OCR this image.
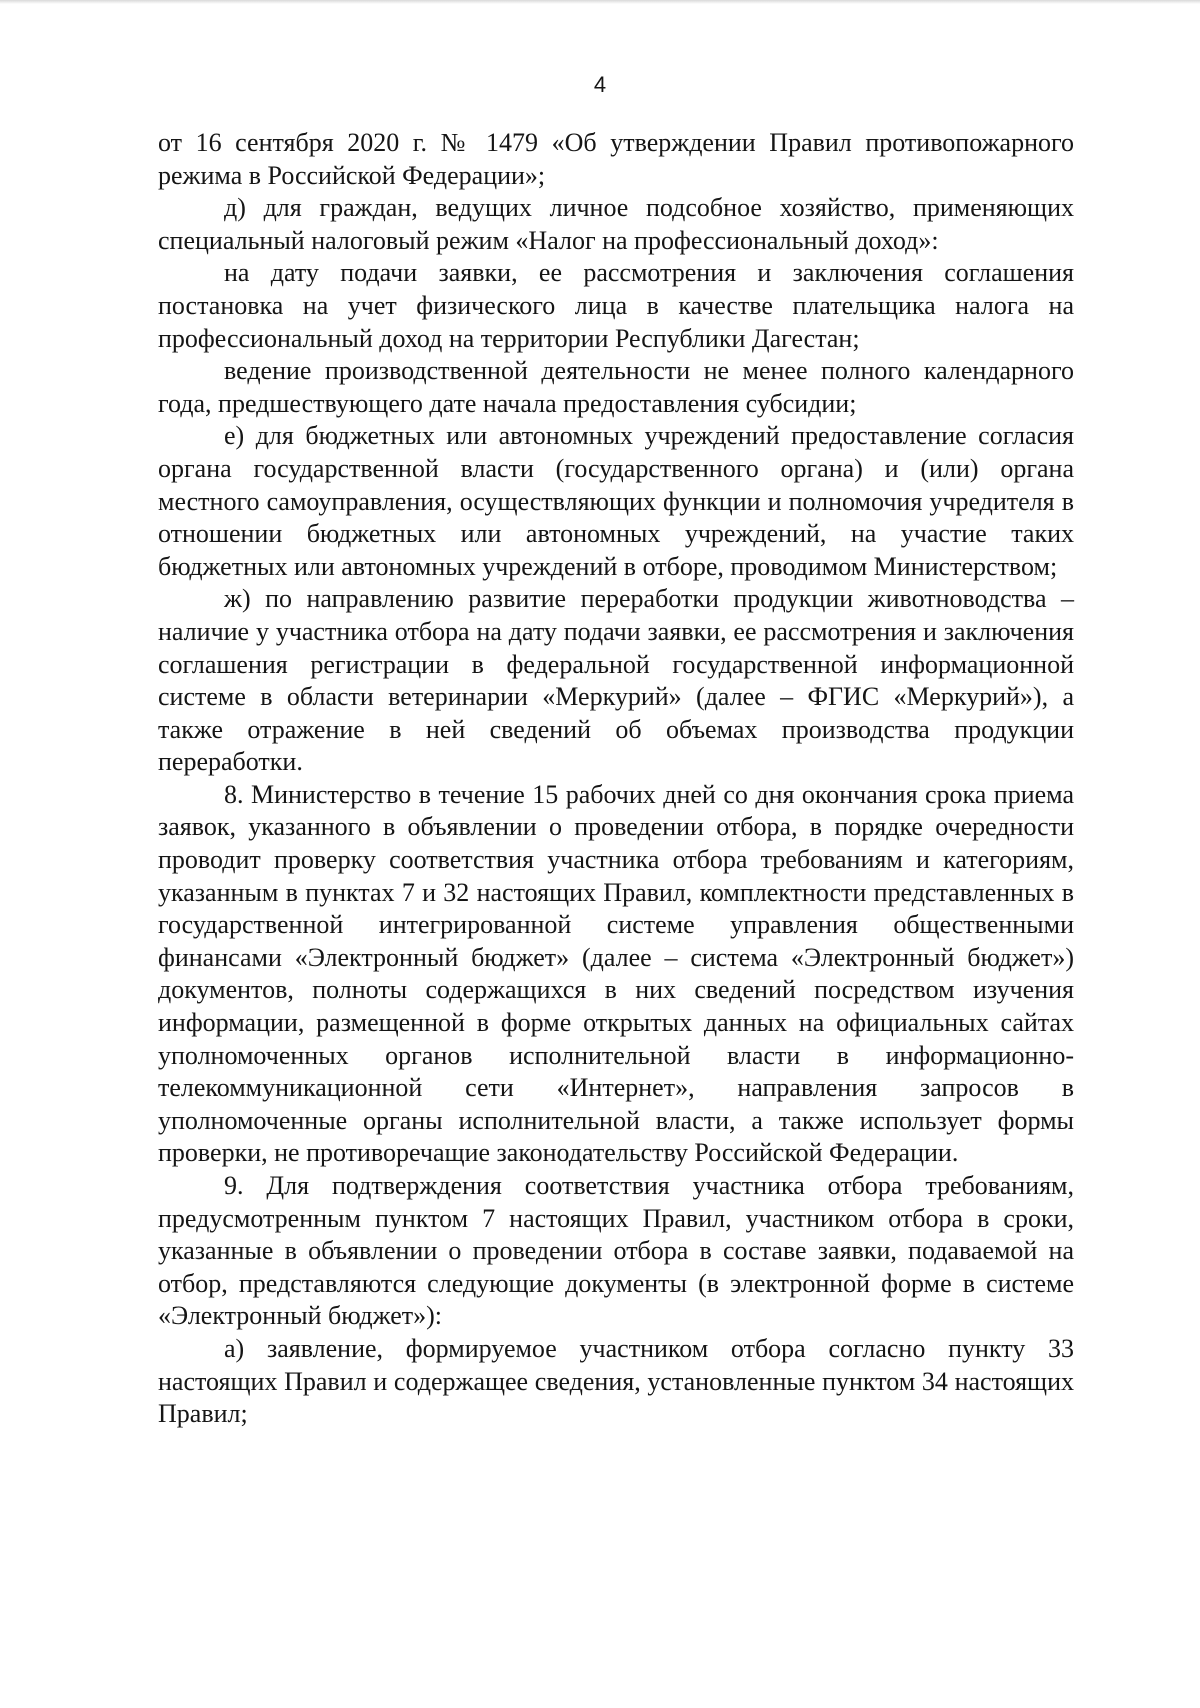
4

от 16 сентября 2020 г. № 1479 «Об утверждении Правил противопожарного режима в Российской Федерации»;

д) для граждан, ведущих личное подсобное хозяйство, применяющих специальный налоговый режим «Налог на профессиональный доход»:

на дату подачи заявки, ее рассмотрения и заключения соглашения постановка на учет физического лица в качестве плательщика налога на профессиональный доход на территории Республики Дагестан;

ведение производственной деятельности не менее полного календарного года, предшествующего дате начала предоставления субсидии;

е) для бюджетных или автономных учреждений предоставление согласия органа государственной власти (государственного органа) и (или) органа местного самоуправления, осуществляющих функции и полномочия учредителя в отношении бюджетных или автономных учреждений, на участие таких бюджетных или автономных учреждений в отборе, проводимом Министерством;

ж) по направлению развитие переработки продукции животноводства – наличие у участника отбора на дату подачи заявки, ее рассмотрения и заключения соглашения регистрации в федеральной государственной информационной системе в области ветеринарии «Меркурий» (далее – ФГИС «Меркурий»), а также отражение в ней сведений об объемах производства продукции переработки.

8. Министерство в течение 15 рабочих дней со дня окончания срока приема заявок, указанного в объявлении о проведении отбора, в порядке очередности проводит проверку соответствия участника отбора требованиям и категориям, указанным в пунктах 7 и 32 настоящих Правил, комплектности представленных в государственной интегрированной системе управления общественными финансами «Электронный бюджет» (далее – система «Электронный бюджет») документов, полноты содержащихся в них сведений посредством изучения информации, размещенной в форме открытых данных на официальных сайтах уполномоченных органов исполнительной власти в информационно-телекоммуникационной сети «Интернет», направления запросов в уполномоченные органы исполнительной власти, а также использует формы проверки, не противоречащие законодательству Российской Федерации.

9. Для подтверждения соответствия участника отбора требованиям, предусмотренным пунктом 7 настоящих Правил, участником отбора в сроки, указанные в объявлении о проведении отбора в составе заявки, подаваемой на отбор, представляются следующие документы (в электронной форме в системе «Электронный бюджет»):

а) заявление, формируемое участником отбора согласно пункту 33 настоящих Правил и содержащее сведения, установленные пунктом 34 настоящих Правил;
